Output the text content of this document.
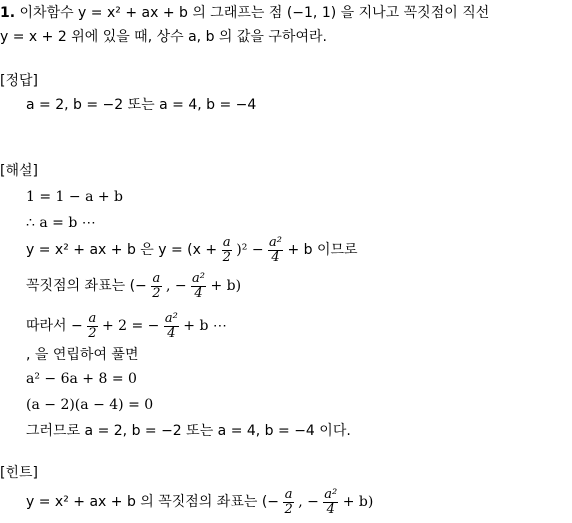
1. 이차함수 y = x² + ax + b 의 그래프는 점 (−1, 1) 을 지나고 꼭짓점이 직선
y = x + 2 위에 있을 때, 상수 a, b 의 값을 구하여라.
[정답]
a = 2, b = −2 또는 a = 4, b = −4
[해설]
1 = 1 − a + b
∴ a = b ⋯
y = x² + ax + b 은 $y = (x + \frac{a}{2} )^2 - \frac{\text{a²}}{4} + b$ 이므로
꼭짓점의 좌표는 (− $\frac{a}{2}$ , − $\frac{\text{a²}}{4} + b$)
따라서 − $\frac{a}{2} + 2$ = − $\frac{\text{a²}}{4} + b$ ⋯
, 을 연립하여 풀면
a² − 6a + 8 = 0
(a − 2)(a − 4) = 0
그러므로 a = 2, b = −2 또는 a = 4, b = −4 이다.
[힌트]
y = x² + ax + b 의 꼭짓점의 좌표는 (− $\frac{a}{2}$ , − $\frac{\text{a²}}{4} + b$)
